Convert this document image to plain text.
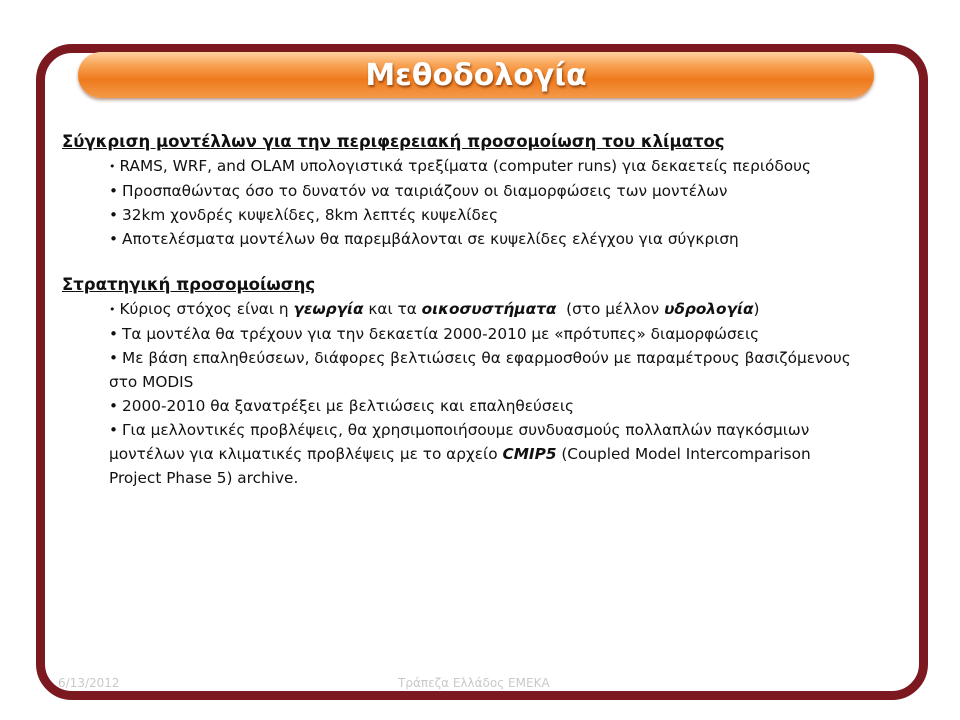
Μεθοδολογία

Σύγκριση μοντέλλων για την περιφερειακή προσομοίωση του κλίματος

• RAMS, WRF, and OLAM υπολογιστικά τρεξίματα (computer runs) για δεκαετείς περιόδους
• Προσπαθώντας όσο το δυνατόν να ταιριάζουν οι διαμορφώσεις των μοντέλων
• 32km χονδρές κυψελίδες, 8km λεπτές κυψελίδες
• Αποτελέσματα μοντέλων θα παρεμβάλονται σε κυψελίδες ελέγχου για σύγκριση

Στρατηγική προσομοίωσης

• Κύριος στόχος είναι η γεωργία και τα οικοσυστήματα  (στο μέλλον υδρολογία)
• Τα μοντέλα θα τρέχουν για την δεκαετία 2000-2010 με «πρότυπες» διαμορφώσεις
• Με βάση επαληθεύσεων, διάφορες βελτιώσεις θα εφαρμοσθούν με παραμέτρους βασιζόμενους στο MODIS
• 2000-2010 θα ξανατρέξει με βελτιώσεις και επαληθεύσεις
• Για μελλοντικές προβλέψεις, θα χρησιμοποιήσουμε συνδυασμούς πολλαπλών παγκόσμιων μοντέλων για κλιματικές προβλέψεις με το αρχείο CMIP5 (Coupled Model Intercomparison Project Phase 5) archive.
6/13/2012	Τράπεζα Ελλάδος ΕΜΕΚΑ
